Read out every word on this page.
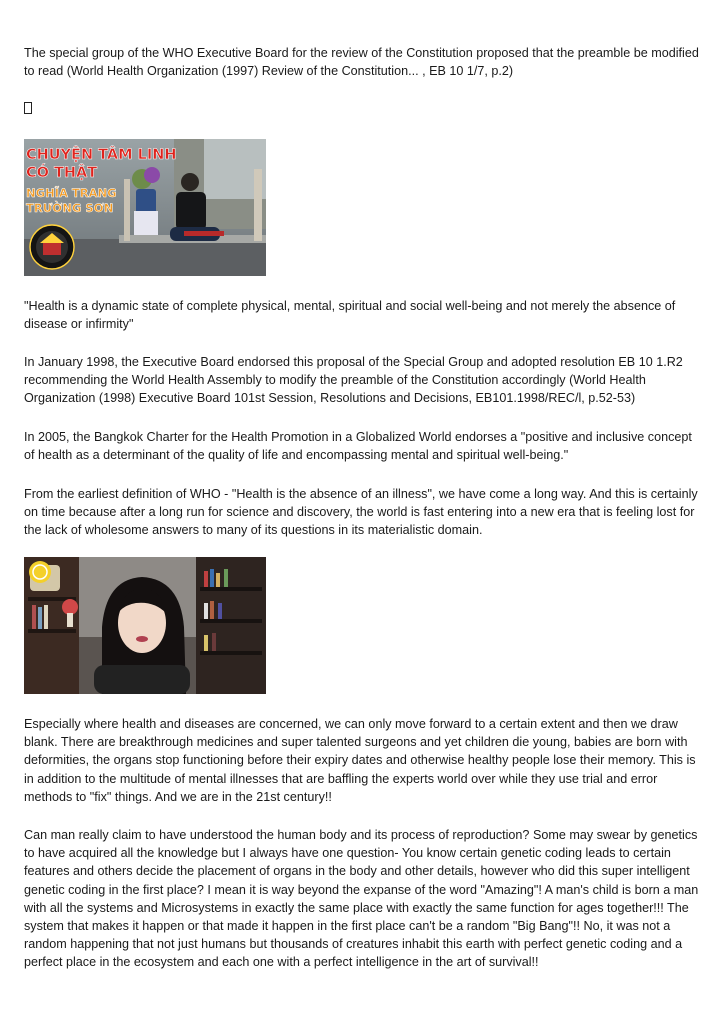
The special group of the WHO Executive Board for the review of the Constitution proposed that the preamble be modified to read (World Health Organization (1997) Review of the Constitution... , EB 10 1/7, p.2)

CHUYỆN TÂM LINH
CÓ THẬT
NGHĨA TRANG
TRƯỜNG SƠN

"Health is a dynamic state of complete physical, mental, spiritual and social well-being and not merely the absence of disease or infirmity"

In January 1998, the Executive Board endorsed this proposal of the Special Group and adopted resolution EB 10 1.R2 recommending the World Health Assembly to modify the preamble of the Constitution accordingly (World Health Organization (1998) Executive Board 101st Session, Resolutions and Decisions, EB101.1998/REC/l, p.52-53)

In 2005, the Bangkok Charter for the Health Promotion in a Globalized World endorses a "positive and inclusive concept of health as a determinant of the quality of life and encompassing mental and spiritual well-being."

From the earliest definition of WHO - "Health is the absence of an illness", we have come a long way. And this is certainly on time because after a long run for science and discovery, the world is fast entering into a new era that is feeling lost for the lack of wholesome answers to many of its questions in its materialistic domain.

Especially where health and diseases are concerned, we can only move forward to a certain extent and then we draw blank. There are breakthrough medicines and super talented surgeons and yet children die young, babies are born with deformities, the organs stop functioning before their expiry dates and otherwise healthy people lose their memory. This is in addition to the multitude of mental illnesses that are baffling the experts world over while they use trial and error methods to "fix" things. And we are in the 21st century!!

Can man really claim to have understood the human body and its process of reproduction? Some may swear by genetics to have acquired all the knowledge but I always have one question- You know certain genetic coding leads to certain features and others decide the placement of organs in the body and other details, however who did this super intelligent genetic coding in the first place? I mean it is way beyond the expanse of the word "Amazing"! A man's child is born a man with all the systems and Microsystems in exactly the same place with exactly the same function for ages together!!! The system that makes it happen or that made it happen in the first place can't be a random "Big Bang"!! No, it was not a random happening that not just humans but thousands of creatures inhabit this earth with perfect genetic coding and a perfect place in the ecosystem and each one with a perfect intelligence in the art of survival!!
